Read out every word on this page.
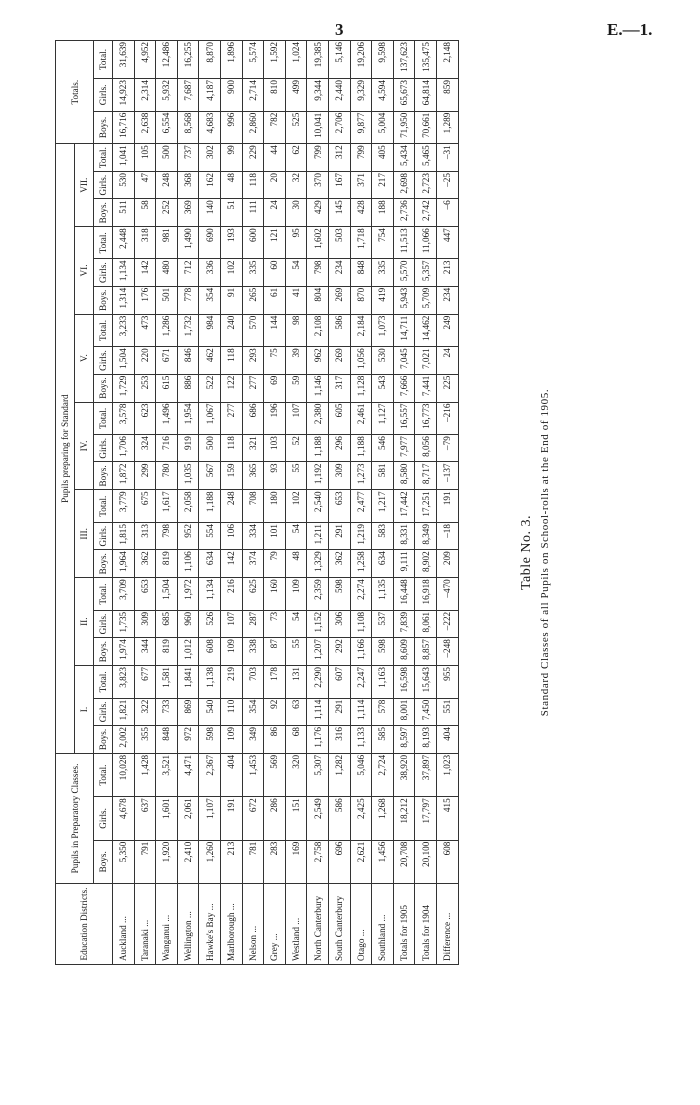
3	E.—1.
Table No. 3. Standard Classes of all Pupils on School-rolls at the End of 1905.
Education Districts.	Pupils in Preparatory Classes.			Pupils preparing for Standard																					Totals.		
				I.			II.			III.			IV.			V.			VI.			VII.					
	Boys.	Girls.	Total.	Boys.	Girls.	Total.	Boys.	Girls.	Total.	Boys.	Girls.	Total.	Boys.	Girls.	Total.	Boys.	Girls.	Total.	Boys.	Girls.	Total.	Boys.	Girls.	Total.	Boys.	Girls.	Total.
Auckland ...	5,350	4,678	10,028	2,002	1,821	3,823	1,974	1,735	3,709	1,964	1,815	3,779	1,872	1,706	3,578	1,729	1,504	3,233	1,314	1,134	2,448	511	530	1,041	16,716	14,923	31,639
Taranaki ...	791	637	1,428	355	322	677	344	309	653	362	313	675	299	324	623	253	220	473	176	142	318	58	47	105	2,638	2,314	4,952
Wanganui ...	1,920	1,601	3,521	848	733	1,581	819	685	1,504	819	798	1,617	780	716	1,496	615	671	1,286	501	480	981	252	248	500	6,554	5,932	12,486
Wellington ...	2,410	2,061	4,471	972	869	1,841	1,012	960	1,972	1,106	952	2,058	1,035	919	1,954	886	846	1,732	778	712	1,490	369	368	737	8,568	7,687	16,255
Hawke's Bay ...	1,260	1,107	2,367	598	540	1,138	608	526	1,134	634	554	1,188	567	500	1,067	522	462	984	354	336	690	140	162	302	4,683	4,187	8,870
Marlborough ...	213	191	404	109	110	219	109	107	216	142	106	248	159	118	277	122	118	240	91	102	193	51	48	99	996	900	1,896
Nelson ...	781	672	1,453	349	354	703	338	287	625	374	334	708	365	321	686	277	293	570	265	335	600	111	118	229	2,860	2,714	5,574
Grey ...	283	286	569	86	92	178	87	73	160	79	101	180	93	103	196	69	75	144	61	60	121	24	20	44	782	810	1,592
Westland ...	169	151	320	68	63	131	55	54	109	48	54	102	55	52	107	59	39	98	41	54	95	30	32	62	525	499	1,024
North Canterbury	2,758	2,549	5,307	1,176	1,114	2,290	1,207	1,152	2,359	1,329	1,211	2,540	1,192	1,188	2,380	1,146	962	2,108	804	798	1,602	429	370	799	10,041	9,344	19,385
South Canterbury	696	586	1,282	316	291	607	292	306	598	362	291	653	309	296	605	317	269	586	269	234	503	145	167	312	2,706	2,440	5,146
Otago ...	2,621	2,425	5,046	1,133	1,114	2,247	1,166	1,108	2,274	1,258	1,219	2,477	1,273	1,188	2,461	1,128	1,056	2,184	870	848	1,718	428	371	799	9,877	9,329	19,206
Southland ...	1,456	1,268	2,724	585	578	1,163	598	537	1,135	634	583	1,217	581	546	1,127	543	530	1,073	419	335	754	188	217	405	5,004	4,594	9,598
Totals for 1905	20,708	18,212	38,920	8,597	8,001	16,598	8,609	7,839	16,448	9,111	8,331	17,442	8,580	7,977	16,557	7,666	7,045	14,711	5,943	5,570	11,513	2,736	2,698	5,434	71,950	65,673	137,623
Totals for 1904	20,100	17,797	37,897	8,193	7,450	15,643	8,857	8,061	16,918	8,902	8,349	17,251	8,717	8,056	16,773	7,441	7,021	14,462	5,709	5,357	11,066	2,742	2,723	5,465	70,661	64,814	135,475
Difference ...	608	415	1,023	404	551	955	–248	–222	–470	209	–18	191	–137	–79	–216	225	24	249	234	213	447	–6	–25	–31	1,289	859	2,148
